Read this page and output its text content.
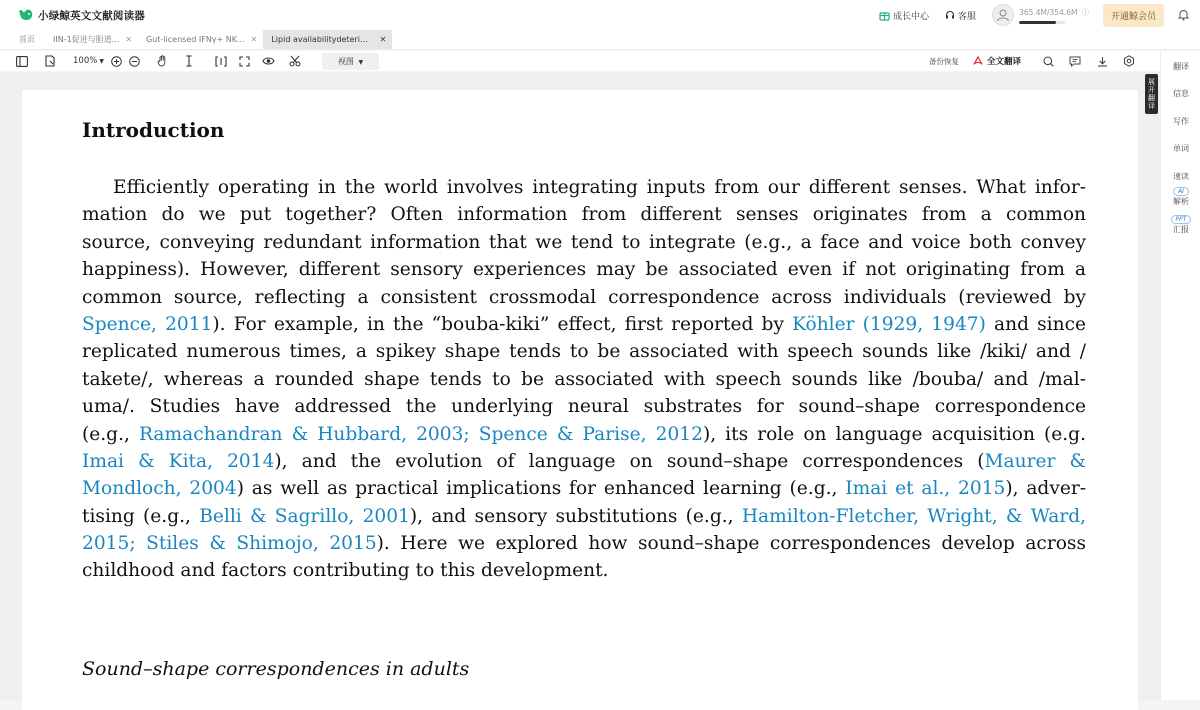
小绿鲸英文文献阅读器	成长中心	客服	365.4M/354.6M ⓘ	开通鲸会员
首页 IIN-1促进与胆道... ✕ Gut-licensed IFNγ+ NK... ✕ Lipid availabilitydeteri... ✕
100% ▼	视图 ▼	备份恢复	全文翻译
Introduction
Efficiently operating in the world involves integrating inputs from our different senses. What infor-
mation do we put together? Often information from different senses originates from a common
source, conveying redundant information that we tend to integrate (e.g., a face and voice both convey
happiness). However, different sensory experiences may be associated even if not originating from a
common source, reflecting a consistent crossmodal correspondence across individuals (reviewed by
Spence, 2011). For example, in the “bouba-kiki” effect, first reported by Köhler (1929, 1947) and since
replicated numerous times, a spikey shape tends to be associated with speech sounds like /kiki/ and /
takete/, whereas a rounded shape tends to be associated with speech sounds like /bouba/ and /mal-
uma/. Studies have addressed the underlying neural substrates for sound–shape correspondence
(e.g., Ramachandran & Hubbard, 2003; Spence & Parise, 2012), its role on language acquisition (e.g.
Imai & Kita, 2014), and the evolution of language on sound–shape correspondences (Maurer &
Mondloch, 2004) as well as practical implications for enhanced learning (e.g., Imai et al., 2015), adver-
tising (e.g., Belli & Sagrillo, 2001), and sensory substitutions (e.g., Hamilton-Fletcher, Wright, & Ward,
2015; Stiles & Shimojo, 2015). Here we explored how sound–shape correspondences develop across
childhood and factors contributing to this development.
Sound–shape correspondences in adults
展
开
翻
译
翻译
信息
写作
单词
速读
AI
解析
PPT
汇报
